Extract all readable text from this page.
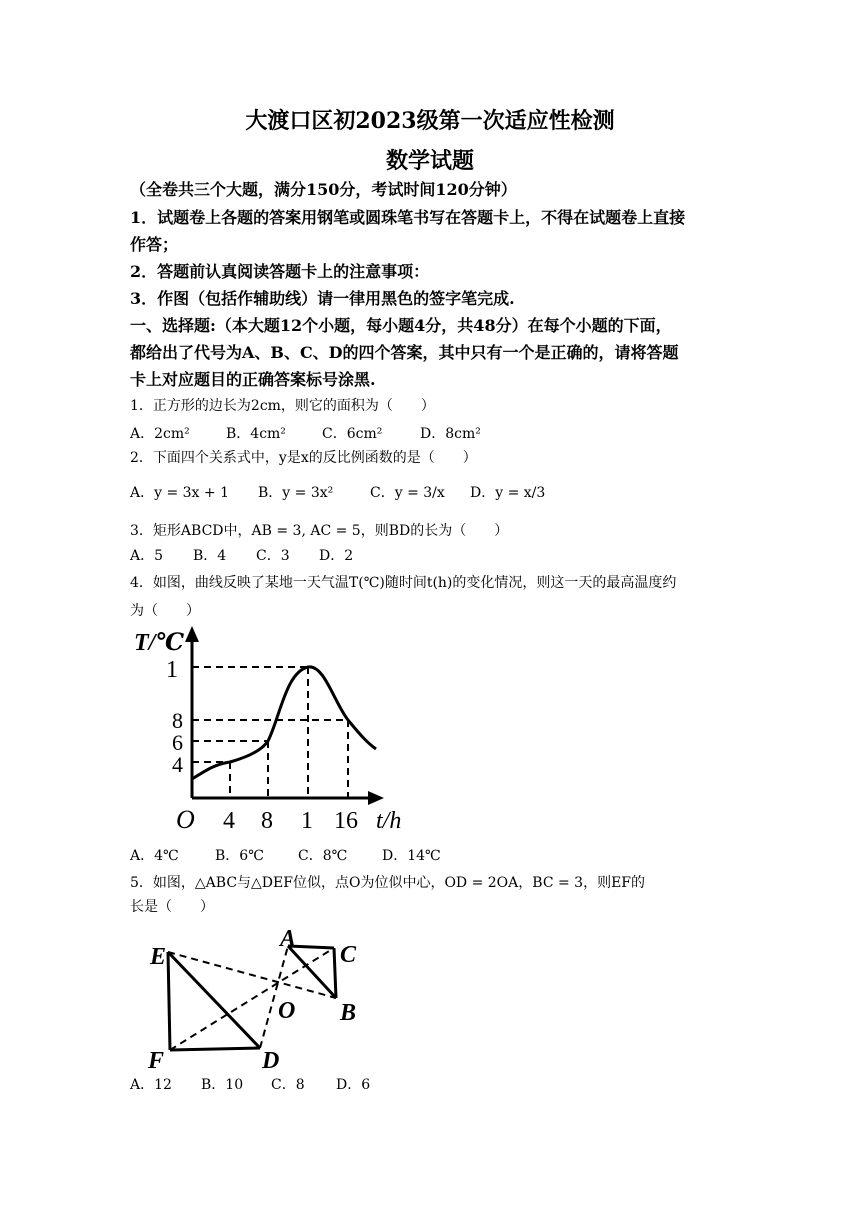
大渡口区初2023级第一次适应性检测
数学试题
（全卷共三个大题，满分150分，考试时间120分钟）
1．试题卷上各题的答案用钢笔或圆珠笔书写在答题卡上，不得在试题卷上直接
作答；
2．答题前认真阅读答题卡上的注意事项：
3．作图（包括作辅助线）请一律用黑色的签字笔完成.
一、选择题:（本大题12个小题，每小题4分，共48分）在每个小题的下面，
都给出了代号为A、B、C、D的四个答案，其中只有一个是正确的，请将答题
卡上对应题目的正确答案标号涂黑.
1．正方形的边长为2cm，则它的面积为（　　）
A．2cm²	B．4cm²	C．6cm²	D．8cm²
2．下面四个关系式中，y是x的反比例函数的是（　　）
A．y = 3x + 1 B．y = 3x²	C．y = 3/x D．y = x/3
3．矩形ABCD中，AB = 3, AC = 5，则BD的长为（　　）
A．5 B．4 C．3 D．2
4．如图，曲线反映了某地一天气温T(℃)随时间t(h)的变化情况，则这一天的最高温度约
为（　　）
T/℃
1
8
6
4
O 4 8 1 16 t/h
A．4℃	B．6℃ C．8℃ D．14℃
5．如图，△ABC与△DEF位似，点O为位似中心，OD = 2OA，BC = 3，则EF的
长是（　　）
E
A
C
O B
F	D
A．12 B．10 C．8 D．6
